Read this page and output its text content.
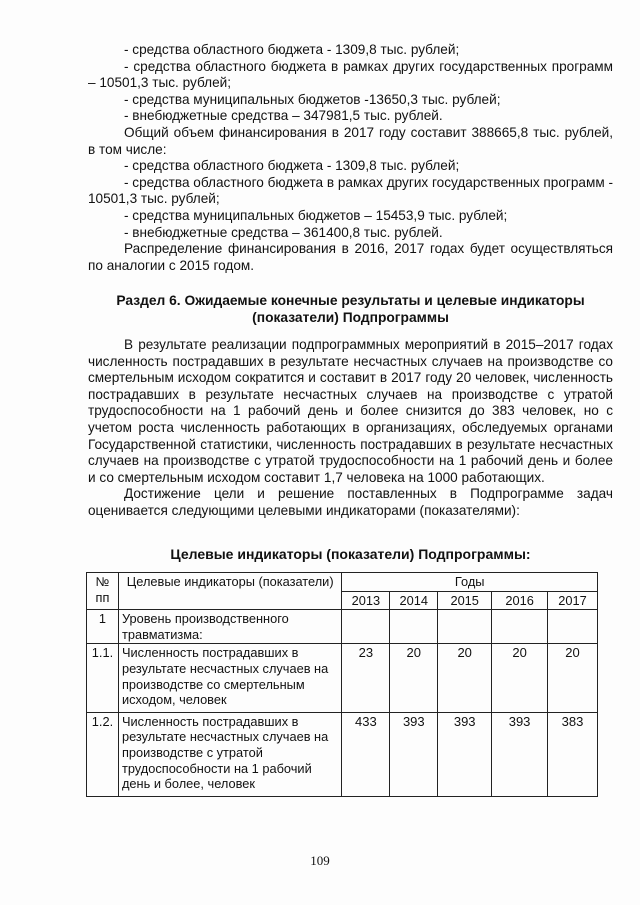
- средства областного бюджета - 1309,8 тыс. рублей;

- средства областного бюджета в рамках других государственных программ – 10501,3 тыс. рублей;

- средства муниципальных бюджетов -13650,3 тыс. рублей;

- внебюджетные средства – 347981,5 тыс. рублей.

Общий объем финансирования в 2017 году составит 388665,8 тыс. рублей, в том числе:

- средства областного бюджета - 1309,8 тыс. рублей;

- средства областного бюджета в рамках других государственных программ - 10501,3 тыс. рублей;

- средства муниципальных бюджетов – 15453,9 тыс. рублей;

- внебюджетные средства – 361400,8 тыс. рублей.

Распределение финансирования в 2016, 2017 годах будет осуществляться по аналогии с 2015 годом.

Раздел 6. Ожидаемые конечные результаты и целевые индикаторы (показатели) Подпрограммы

В результате реализации подпрограммных мероприятий в 2015–2017 годах численность пострадавших в результате несчастных случаев на производстве со смертельным исходом сократится и составит в 2017 году 20 человек, численность пострадавших в результате несчастных случаев на производстве с утратой трудоспособности на 1 рабочий день и более снизится до 383 человек, но с учетом роста численность работающих в организациях, обследуемых органами Государственной статистики, численность пострадавших в результате несчастных случаев на производстве с утратой трудоспособности на 1 рабочий день и более и со смертельным исходом составит 1,7 человека на 1000 работающих.

Достижение цели и решение поставленных в Подпрограмме задач оценивается следующими целевыми индикаторами (показателями):

Целевые индикаторы (показатели) Подпрограммы:

№ пп	Целевые индикаторы (показатели)	Годы				
		2013	2014	2015	2016	2017
1	Уровень производственного травматизма:					
1.1.	Численность пострадавших в результате несчастных случаев на производстве со смертельным исходом, человек	23	20	20	20	20
1.2.	Численность пострадавших в результате несчастных случаев на производстве с утратой трудоспособности на 1 рабочий день и более, человек	433	393	393	393	383
109
